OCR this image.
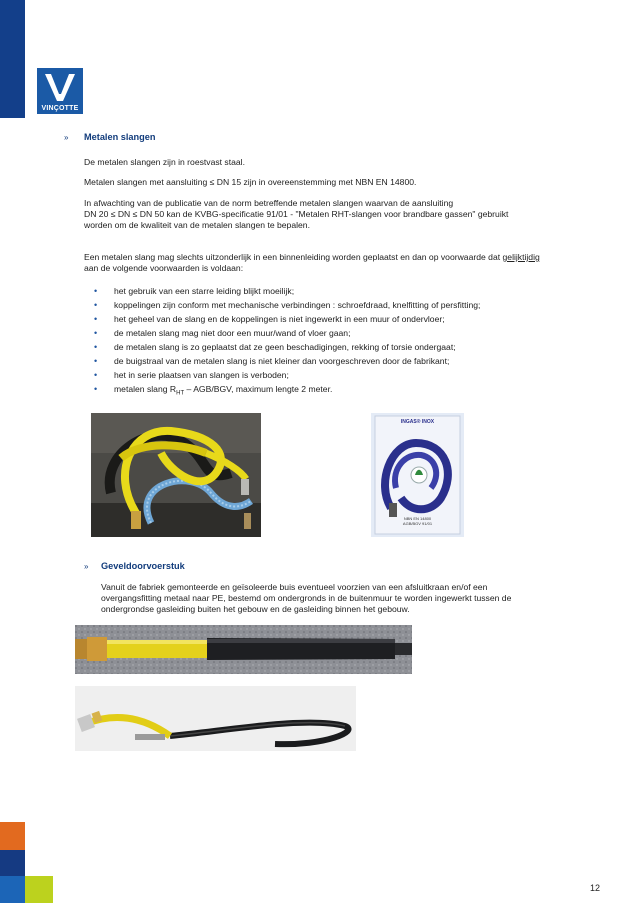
VINÇOTTE
» Metalen slangen
De metalen slangen zijn in roestvast staal.
Metalen slangen met aansluiting ≤ DN 15 zijn in overeenstemming met NBN EN 14800.
In afwachting van de publicatie van de norm betreffende metalen slangen waarvan de aansluiting
DN 20 ≤ DN ≤ DN 50 kan de KVBG-specificatie 91/01 - "Metalen RHT-slangen voor brandbare gassen" gebruikt
worden om de kwaliteit van de metalen slangen te bepalen.
Een metalen slang mag slechts uitzonderlijk in een binnenleiding worden geplaatst en dan op voorwaarde dat gelijktijdig
aan de volgende voorwaarden is voldaan:
• het gebruik van een starre leiding blijkt moeilijk;
• koppelingen zijn conform met mechanische verbindingen : schroefdraad, knelfitting of persfitting;
• het geheel van de slang en de koppelingen is niet ingewerkt in een muur of ondervloer;
• de metalen slang mag niet door een muur/wand of vloer gaan;
• de metalen slang is zo geplaatst dat ze geen beschadigingen, rekking of torsie ondergaat;
• de buigstraal van de metalen slang is niet kleiner dan voorgeschreven door de fabrikant;
• het in serie plaatsen van slangen is verboden;
• metalen slang $R_{HT} - AGB/BGV$, maximum lengte 2 meter.
INGAS® INOX
NBN EN 14800
AGB/BGV 91/01
» Geveldoorvoerstuk
Vanuit de fabriek gemonteerde en geïsoleerde buis eventueel voorzien van een afsluitkraan en/of een
overgangsfitting metaal naar PE, bestemd om ondergronds in de buitenmuur te worden ingewerkt tussen de
ondergrondse gasleiding buiten het gebouw en de gasleiding binnen het gebouw.
12
